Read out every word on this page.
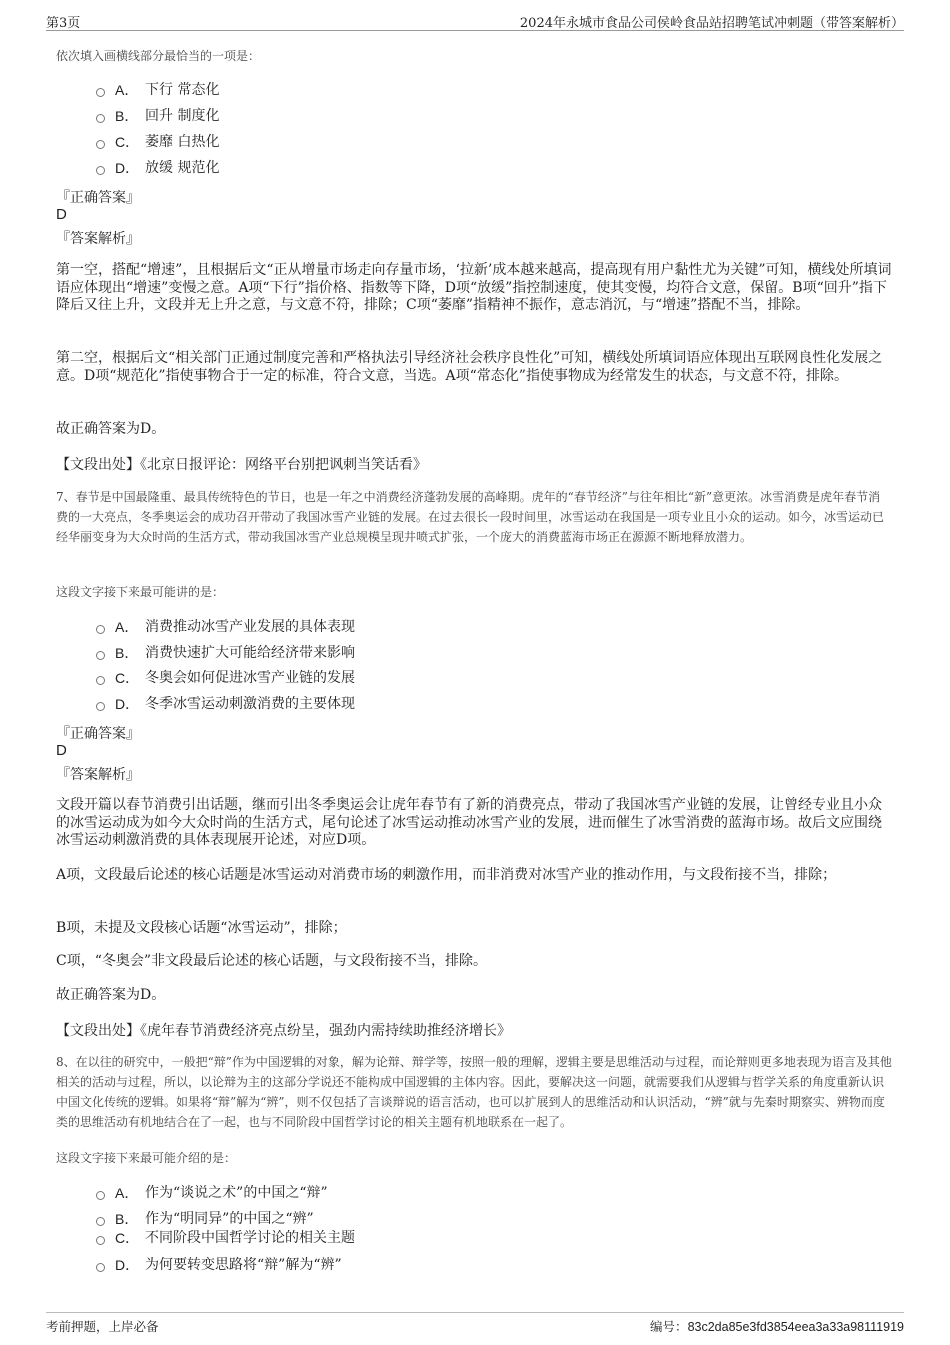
第3页	2024年永城市食品公司侯岭食品站招聘笔试冲刺题（带答案解析）
依次填入画横线部分最恰当的一项是：
A． 下行 常态化
B． 回升 制度化
C． 萎靡 白热化
D． 放缓 规范化
『正确答案』
D
『答案解析』
第一空，搭配“增速”，且根据后文“正从增量市场走向存量市场，‘拉新’成本越来越高，提高现有用户黏性尤为关键”可知，横线处所填词语应体现出“增速”变慢之意。A项“下行”指价格、指数等下降，D项“放缓”指控制速度，使其变慢，均符合文意，保留。B项“回升”指下降后又往上升，文段并无上升之意，与文意不符，排除；C项“萎靡”指精神不振作，意志消沉，与“增速”搭配不当，排除。
第二空，根据后文“相关部门正通过制度完善和严格执法引导经济社会秩序良性化”可知，横线处所填词语应体现出互联网良性化发展之意。D项“规范化”指使事物合于一定的标准，符合文意，当选。A项“常态化”指使事物成为经常发生的状态，与文意不符，排除。
故正确答案为D。
【文段出处】《北京日报评论：网络平台别把讽刺当笑话看》
7、春节是中国最隆重、最具传统特色的节日，也是一年之中消费经济蓬勃发展的高峰期。虎年的“春节经济”与往年相比“新”意更浓。冰雪消费是虎年春节消费的一大亮点，冬季奥运会的成功召开带动了我国冰雪产业链的发展。在过去很长一段时间里，冰雪运动在我国是一项专业且小众的运动。如今，冰雪运动已经华丽变身为大众时尚的生活方式，带动我国冰雪产业总规模呈现井喷式扩张，一个庞大的消费蓝海市场正在源源不断地释放潜力。
这段文字接下来最可能讲的是：
A． 消费推动冰雪产业发展的具体表现
B． 消费快速扩大可能给经济带来影响
C． 冬奥会如何促进冰雪产业链的发展
D． 冬季冰雪运动刺激消费的主要体现
『正确答案』
D
『答案解析』
文段开篇以春节消费引出话题，继而引出冬季奥运会让虎年春节有了新的消费亮点，带动了我国冰雪产业链的发展，让曾经专业且小众的冰雪运动成为如今大众时尚的生活方式，尾句论述了冰雪运动推动冰雪产业的发展，进而催生了冰雪消费的蓝海市场。故后文应围绕冰雪运动刺激消费的具体表现展开论述，对应D项。
A项，文段最后论述的核心话题是冰雪运动对消费市场的刺激作用，而非消费对冰雪产业的推动作用，与文段衔接不当，排除；
B项，未提及文段核心话题“冰雪运动”，排除；
C项，“冬奥会”非文段最后论述的核心话题，与文段衔接不当，排除。
故正确答案为D。
【文段出处】《虎年春节消费经济亮点纷呈，强劲内需持续助推经济增长》
8、在以往的研究中，一般把“辩”作为中国逻辑的对象，解为论辩、辩学等，按照一般的理解，逻辑主要是思维活动与过程，而论辩则更多地表现为语言及其他相关的活动与过程，所以，以论辩为主的这部分学说还不能构成中国逻辑的主体内容。因此，要解决这一问题，就需要我们从逻辑与哲学关系的角度重新认识中国文化传统的逻辑。如果将“辩”解为“辨”，则不仅包括了言谈辩说的语言活动，也可以扩展到人的思维活动和认识活动，“辨”就与先秦时期察实、辨物而度类的思维活动有机地结合在了一起，也与不同阶段中国哲学讨论的相关主题有机地联系在一起了。
这段文字接下来最可能介绍的是：
A． 作为“谈说之术”的中国之“辩”
B． 作为“明同异”的中国之“辨”
C． 不同阶段中国哲学讨论的相关主题
D． 为何要转变思路将“辩”解为“辨”
考前押题，上岸必备	编号：83c2da85e3fd3854eea3a33a98111919
